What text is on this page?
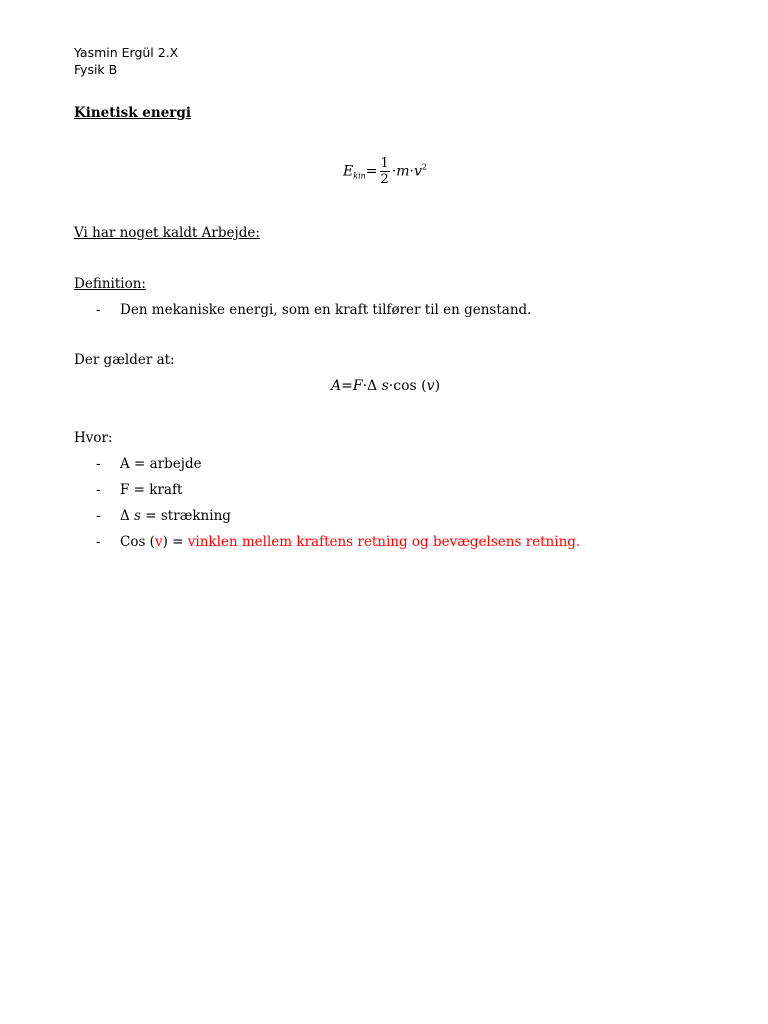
Yasmin Ergül 2.X
Fysik B
Kinetisk energi
$E_{kin}= \frac{1}{2} \cdot m\cdot v^2$
Vi har noget kaldt Arbejde:
Definition:
- Den mekaniske energi, som en kraft tilfører til en genstand.
Der gælder at:
A=F·Δ s·cos (v)
Hvor:
- A = arbejde
- F = kraft
- Δ s = strækning
- Cos (v) = vinklen mellem kraftens retning og bevægelsens retning.
